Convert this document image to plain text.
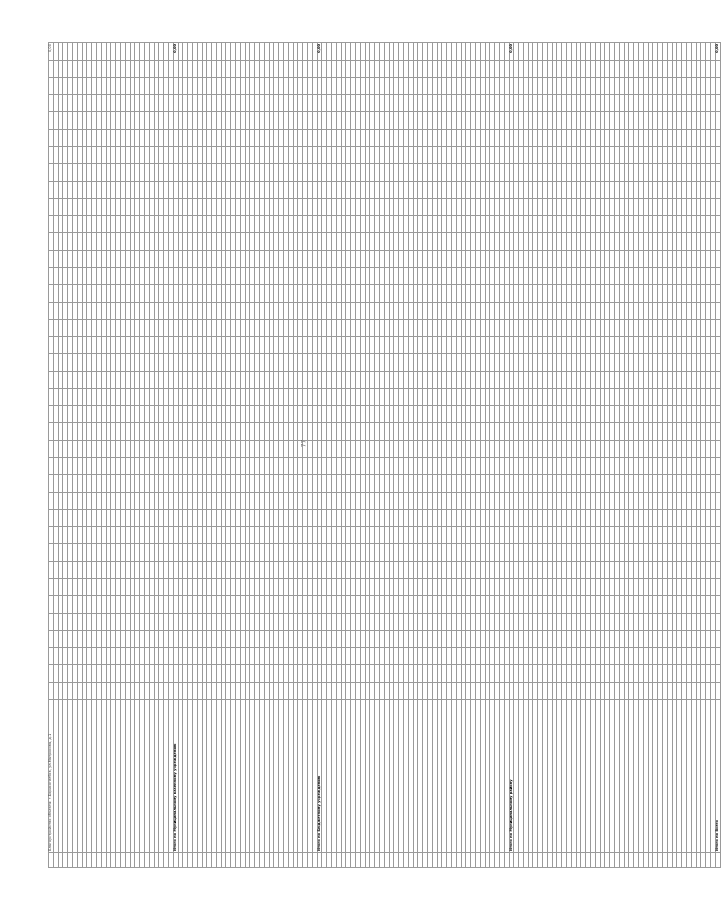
	Благоустройство объекта: г.Борисоглебск, ул.Матросова, д.1																																						0,00

	Итого по Муниципальному казенному учреждению																																						0,00

	Итого по Бюджетному учреждению																																						0,00

	Итого по Муниципальному району																																						0,00

	Итого по Всего																																						0,00
77
